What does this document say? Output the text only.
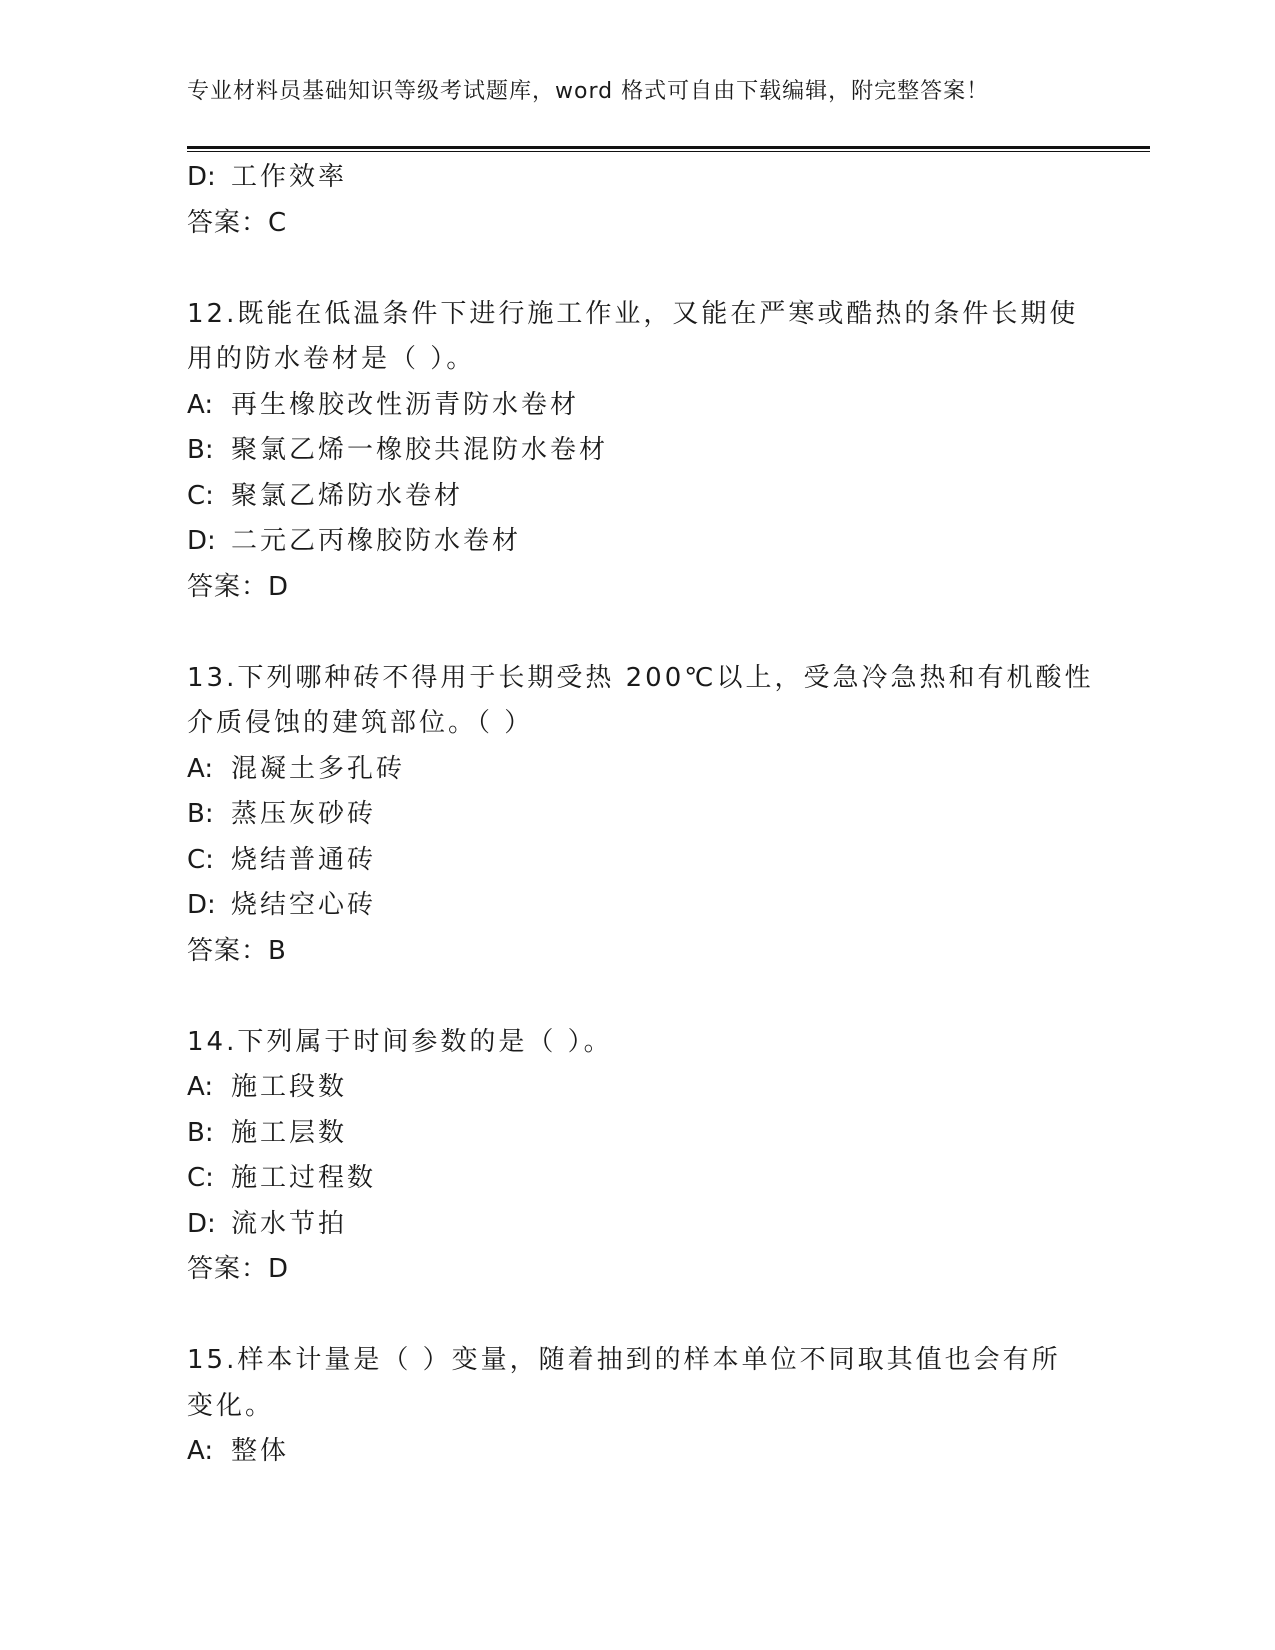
专业材料员基础知识等级考试题库，word 格式可自由下载编辑，附完整答案！
D: 工作效率
答案：C
12.既能在低温条件下进行施工作业，又能在严寒或酷热的条件长期使
用的防水卷材是（ ）。
A: 再生橡胶改性沥青防水卷材
B: 聚氯乙烯一橡胶共混防水卷材
C: 聚氯乙烯防水卷材
D: 二元乙丙橡胶防水卷材
答案：D
13.下列哪种砖不得用于长期受热 200℃以上，受急冷急热和有机酸性
介质侵蚀的建筑部位。（ ）
A: 混凝土多孔砖
B: 蒸压灰砂砖
C: 烧结普通砖
D: 烧结空心砖
答案：B
14.下列属于时间参数的是（ ）。
A: 施工段数
B: 施工层数
C: 施工过程数
D: 流水节拍
答案：D
15.样本计量是（ ）变量，随着抽到的样本单位不同取其值也会有所
变化。
A: 整体
